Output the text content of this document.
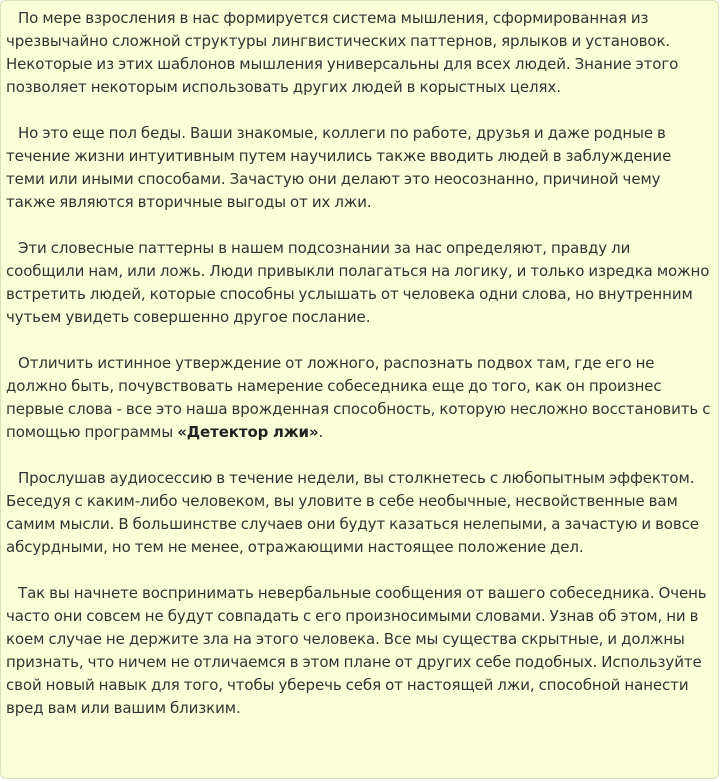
По мере взросления в нас формируется система мышления, сформированная из чрезвычайно сложной структуры лингвистических паттернов, ярлыков и установок. Некоторые из этих шаблонов мышления универсальны для всех людей. Знание этого позволяет некоторым использовать других людей в корыстных целях.

Но это еще пол беды. Ваши знакомые, коллеги по работе, друзья и даже родные в течение жизни интуитивным путем научились также вводить людей в заблуждение теми или иными способами. Зачастую они делают это неосознанно, причиной чему также являются вторичные выгоды от их лжи.

Эти словесные паттерны в нашем подсознании за нас определяют, правду ли сообщили нам, или ложь. Люди привыкли полагаться на логику, и только изредка можно встретить людей, которые способны услышать от человека одни слова, но внутренним чутьем увидеть совершенно другое послание.

Отличить истинное утверждение от ложного, распознать подвох там, где его не должно быть, почувствовать намерение собеседника еще до того, как он произнес первые слова - все это наша врожденная способность, которую несложно восстановить с помощью программы «Детектор лжи».

Прослушав аудиосессию в течение недели, вы столкнетесь с любопытным эффектом. Беседуя с каким-либо человеком, вы уловите в себе необычные, несвойственные вам самим мысли. В большинстве случаев они будут казаться нелепыми, а зачастую и вовсе абсурдными, но тем не менее, отражающими настоящее положение дел.

Так вы начнете воспринимать невербальные сообщения от вашего собеседника. Очень часто они совсем не будут совпадать с его произносимыми словами. Узнав об этом, ни в коем случае не держите зла на этого человека. Все мы существа скрытные, и должны признать, что ничем не отличаемся в этом плане от других себе подобных. Используйте свой новый навык для того, чтобы уберечь себя от настоящей лжи, способной нанести вред вам или вашим близким.
